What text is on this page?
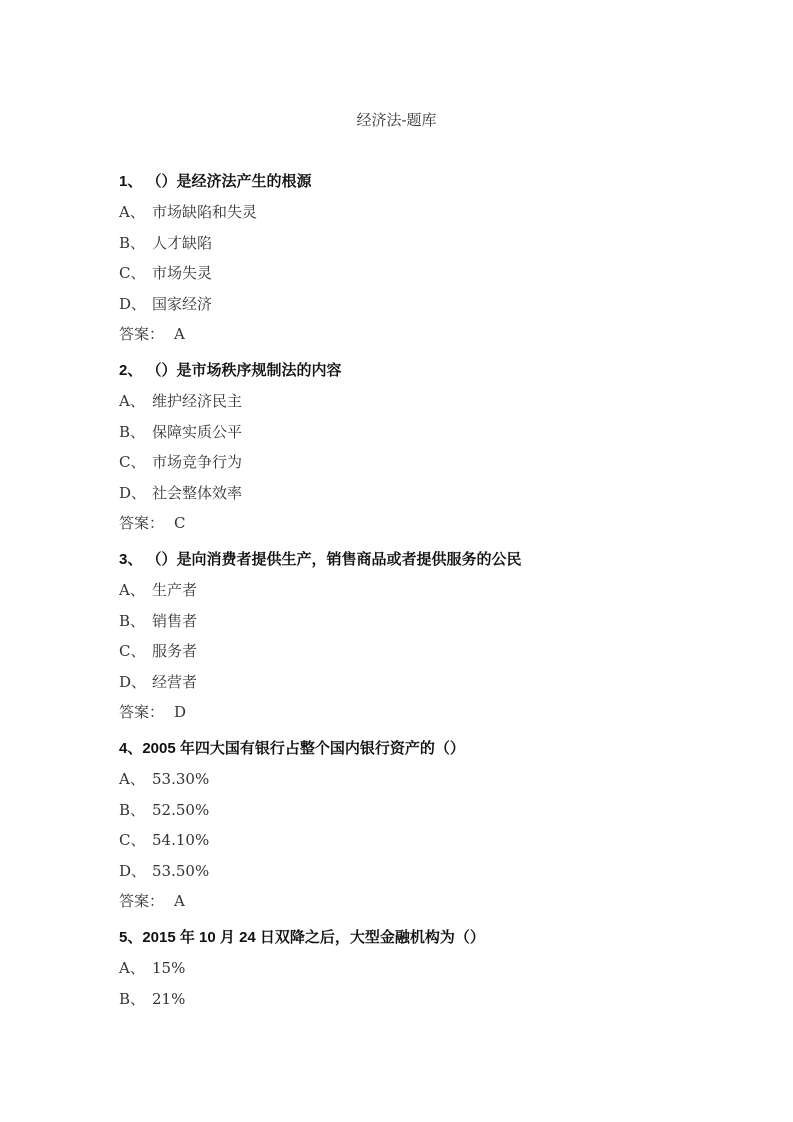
经济法-题库
1、 （）是经济法产生的根源
A、 市场缺陷和失灵
B、 人才缺陷
C、 市场失灵
D、 国家经济
答案： A
2、 （）是市场秩序规制法的内容
A、 维护经济民主
B、 保障实质公平
C、 市场竞争行为
D、 社会整体效率
答案： C
3、 （）是向消费者提供生产，销售商品或者提供服务的公民
A、 生产者
B、 销售者
C、 服务者
D、 经营者
答案： D
4、2005 年四大国有银行占整个国内银行资产的（）
A、 53.30%
B、 52.50%
C、 54.10%
D、 53.50%
答案： A
5、2015 年 10 月 24 日双降之后，大型金融机构为（）
A、 15%
B、 21%
